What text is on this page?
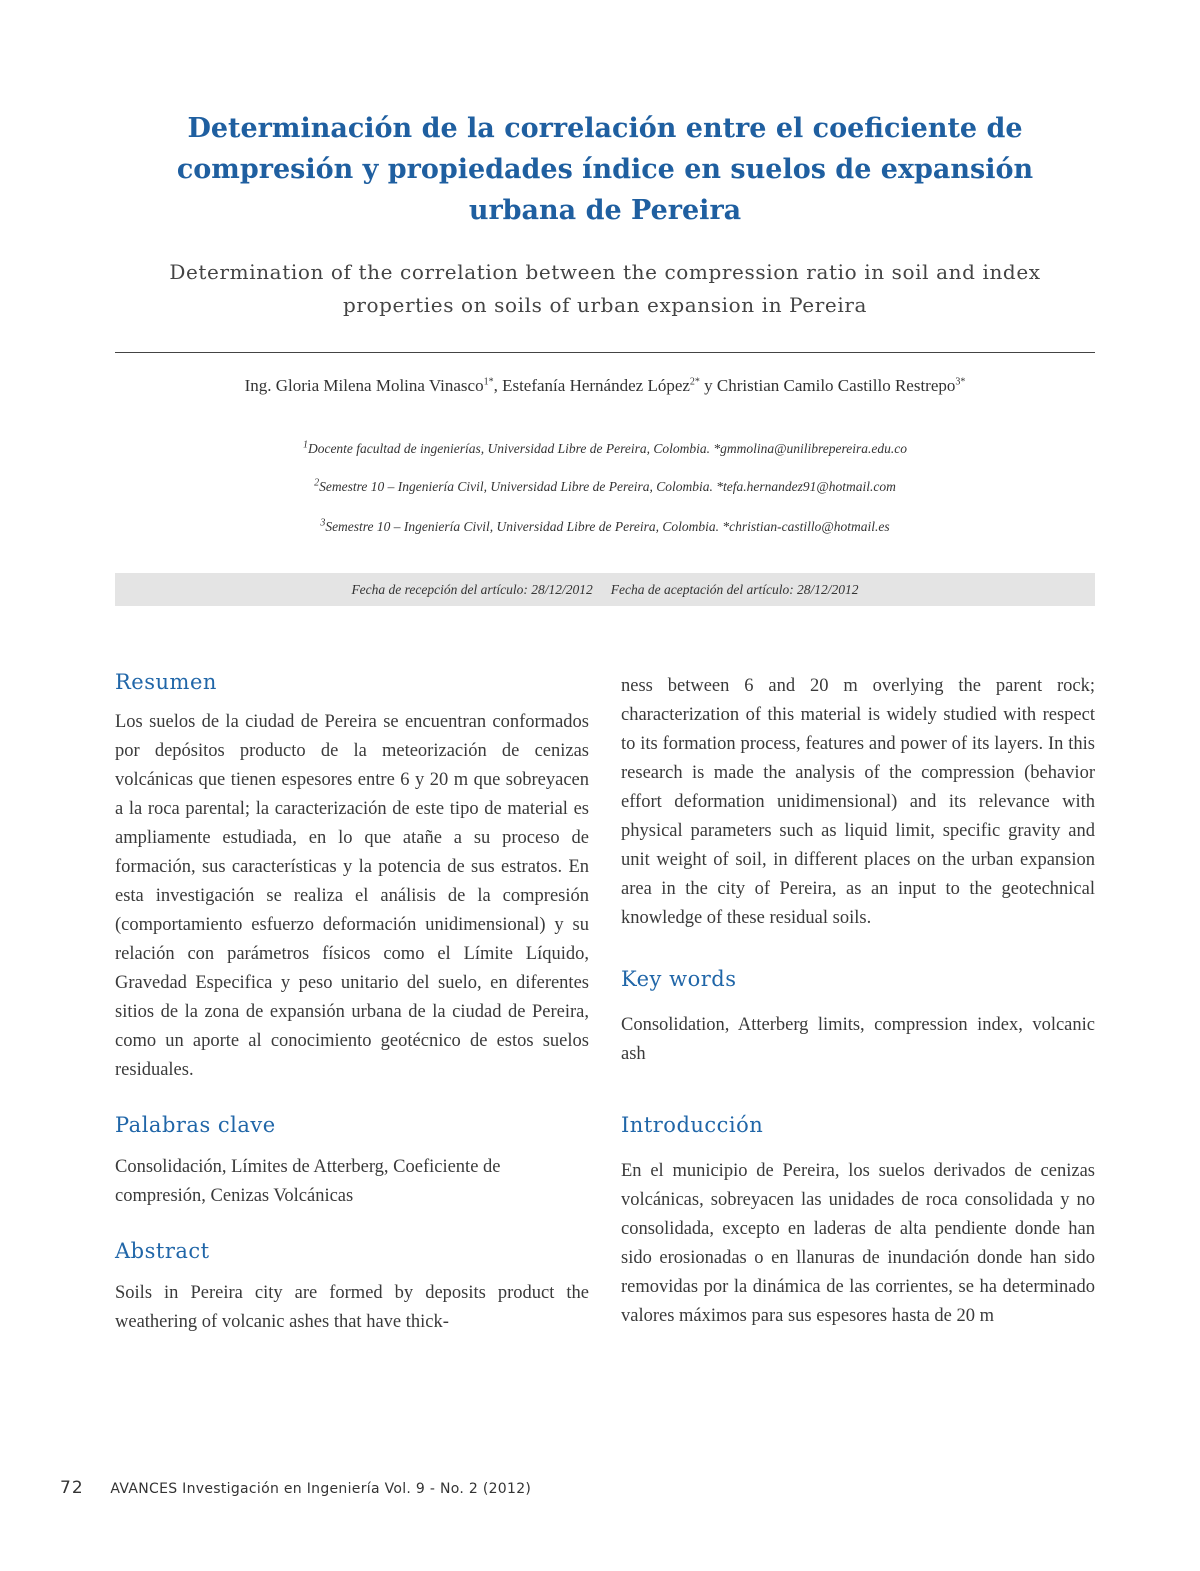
Determinación de la correlación entre el coeficiente de
compresión y propiedades índice en suelos de expansión
urbana de Pereira
Determination of the correlation between the compression ratio in soil and index
properties on soils of urban expansion in Pereira
Ing. Gloria Milena Molina Vinasco$^{1*}$, Estefanía Hernández López$^{2*}$ y Christian Camilo Castillo Restrepo$^{3*}$
$^1$Docente facultad de ingenierías, Universidad Libre de Pereira, Colombia. *gmmolina@unilibrepereira.edu.co
$^2$Semestre 10 – Ingeniería Civil, Universidad Libre de Pereira, Colombia. *tefa.hernandez91@hotmail.com
$^3$Semestre 10 – Ingeniería Civil, Universidad Libre de Pereira, Colombia. *christian-castillo@hotmail.es
Fecha de recepción del artículo: 28/12/2012 Fecha de aceptación del artículo: 28/12/2012
Resumen

Los suelos de la ciudad de Pereira se encuentran conformados por depósitos producto de la meteorización de cenizas volcánicas que tienen espesores entre 6 y 20 m que sobreyacen a la roca parental; la caracterización de este tipo de material es ampliamente estudiada, en lo que atañe a su proceso de formación, sus características y la potencia de sus estratos. En esta investigación se realiza el análisis de la compresión (comportamiento esfuerzo deformación unidimensional) y su relación con parámetros físicos como el Límite Líquido, Gravedad Especifica y peso unitario del suelo, en diferentes sitios de la zona de expansión urbana de la ciudad de Pereira, como un aporte al conocimiento geotécnico de estos suelos residuales.

Palabras clave

Consolidación, Límites de Atterberg, Coeficiente de compresión, Cenizas Volcánicas

Abstract

Soils in Pereira city are formed by deposits product the weathering of volcanic ashes that have thick-

ness between 6 and 20 m overlying the parent rock; characterization of this material is widely studied with respect to its formation process, features and power of its layers. In this research is made the analysis of the compression (behavior effort deformation unidimensional) and its relevance with physical parameters such as liquid limit, specific gravity and unit weight of soil, in different places on the urban expansion area in the city of Pereira, as an input to the geotechnical knowledge of these residual soils.

Key words

Consolidation, Atterberg limits, compression index, volcanic ash

Introducción

En el municipio de Pereira, los suelos derivados de cenizas volcánicas, sobreyacen las unidades de roca consolidada y no consolidada, excepto en laderas de alta pendiente donde han sido erosionadas o en llanuras de inundación donde han sido removidas por la dinámica de las corrientes, se ha determinado valores máximos para sus espesores hasta de 20 m

72 AVANCES Investigación en Ingeniería Vol. 9 - No. 2 (2012)
